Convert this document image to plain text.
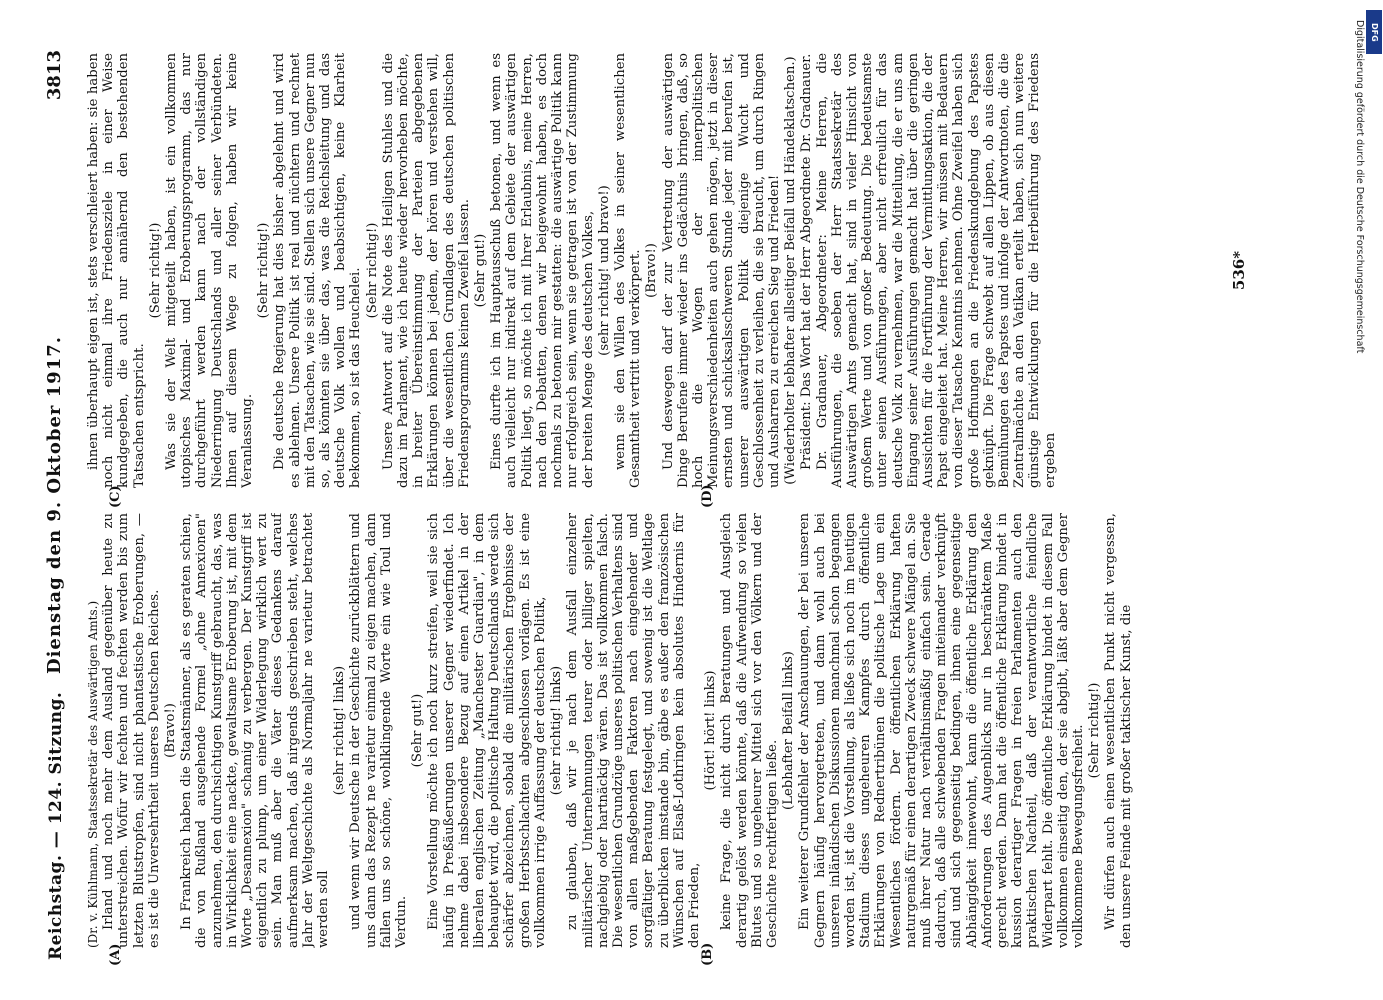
Reichstag. — 124. Sitzung.
Dienstag den 9. Oktober 1917.
3813
(A)	(B)
(C)	(D)

(Dr. v. Kühlmann, Staatssekretär des Auswärtigen Amts.) Irland und noch mehr dem Ausland gegenüber heute zu unterstreichen. Wofür wir fechten und fechten werden bis zum letzten Blutstropfen, sind nicht phantastische Eroberungen, — es ist die Unversehrtheit unseres Deutschen Reiches. (Bravo!) In Frankreich haben die Staatsmänner, als es geraten schien, die von Rußland ausgehende Formel „ohne Annexionen" anzunehmen, den durchsichtigen Kunstgriff gebraucht, das, was in Wirklichkeit eine nackte, gewaltsame Eroberung ist, mit dem Worte „Desannexion" schamig zu verbergen. Der Kunstgriff ist eigentlich zu plump, um einer Widerlegung wirklich wert zu sein. Man muß aber die Väter dieses Gedankens darauf aufmerksam machen, daß nirgends geschrieben steht, welches Jahr der Weltgeschichte als Normaljahr ne varietur betrachtet werden soll

(sehr richtig! links) und wenn wir Deutsche in der Geschichte zurückblättern und uns dann das Rezept ne varietur einmal zu eigen machen, dann fallen uns so schöne, wohlklingende Worte ein wie Toul und Verdun.

(Sehr gut!) Eine Vorstellung möchte ich noch kurz streifen, weil sie sich häufig in Preßäußerungen unserer Gegner wiederfindet. Ich nehme dabei insbesondere Bezug auf einen Artikel in der liberalen englischen Zeitung „Manchester Guardian", in dem behauptet wird, die politische Haltung Deutschlands werde sich schärfer abzeichnen, sobald die militärischen Ergebnisse der großen Herbstschlachten abgeschlossen vorlägen. Es ist eine vollkommen irrige Auffassung der deutschen Politik, (sehr richtig! links) zu glauben, daß wir je nach dem Ausfall einzelner militärischer Unternehmungen teurer oder billiger spielten, nachgiebig oder hartnäckig wären. Das ist vollkommen falsch. Die wesentlichen Grundzüge unseres politischen Verhaltens sind von allen maßgebenden Faktoren nach eingehender und sorgfältiger Beratung festgelegt, und sowenig ist die Weltlage zu überblicken imstande bin, gäbe es außer den französischen Wünschen auf Elsaß-Lothringen kein absolutes Hindernis für den Frieden,

(Hört! hört! links) keine Frage, die nicht durch Beratungen und Ausgleich derartig gelöst werden könnte, daß die Aufwendung so vielen Blutes und so ungeheurer Mittel sich vor den Völkern und der Geschichte rechtfertigen ließe.

(Lebhafter Beifall links) Ein weiterer Grundfehler der Anschauungen, der bei unseren Gegnern häufig hervorgetreten, und dann wohl auch bei unseren inländischen Diskussionen manchmal schon begangen worden ist, ist die Vorstellung, als ließe sich noch im heutigen Stadium dieses ungeheuren Kampfes durch öffentliche Erklärungen von Rednertribünen die politische Lage um ein Wesentliches fördern. Der öffentlichen Erklärung haften naturgemäß für einen derartigen Zweck schwere Mängel an. Sie muß ihrer Natur nach verhältnismäßig einfach sein. Gerade dadurch, daß alle schwebenden Fragen miteinander verknüpft sind und sich gegenseitig bedingen, ihnen eine gegenseitige Abhängigkeit innewohnt, kann die öffentliche Erklärung den Anforderungen des Augenblicks nur in beschränktem Maße gerecht werden. Dann hat die öffentliche Erklärung bindet in kussion derartiger Fragen in freien Parlamenten auch den praktischen Nachteil, daß der verantwortliche feindliche Widerpart fehlt. Die öffentliche Erklärung bindet in diesem Fall vollkommen einseitig den, der sie abgibt, läßt aber dem Gegner vollkommene Bewegungsfreiheit. (Sehr richtig!) Wir dürfen auch einen wesentlichen Punkt nicht vergessen, den unsere Feinde mit großer taktischer Kunst, die

ihnen überhaupt eigen ist, stets verschleiert haben: sie haben noch nicht einmal ihre Friedensziele in einer Weise kundgegeben, die auch nur annähernd den bestehenden Tatsachen entspricht.

(Sehr richtig!) Was sie der Welt mitgeteilt haben, ist ein vollkommen utopisches Maximal- und Eroberungsprogramm, das nur durchgeführt werden kann nach der vollständigen Niederringung Deutschlands und aller seiner Verbündeten. Ihnen auf diesem Wege zu folgen, haben wir keine Veranlassung.

(Sehr richtig!) Die deutsche Regierung hat dies bisher abgelehnt und wird es ablehnen. Unsere Politik ist real und nüchtern und rechnet mit den Tatsachen, wie sie sind. Stellen sich unsere Gegner nun so, als könnten sie über das, was die Reichsleitung und das deutsche Volk wollen und beabsichtigen, keine Klarheit bekommen, so ist das Heuchelei. (Sehr richtig!) Unsere Antwort auf die Note des Heiligen Stuhles und die dazu im Parlament, wie ich heute wieder hervorheben möchte, in breiter Übereinstimmung der Parteien abgegebenen Erklärungen können bei jedem, der hören und verstehen will, über die wesentlichen Grundlagen des deutschen politischen Friedensprogramms keinen Zweifel lassen. (Sehr gut!) Eines durfte ich im Hauptausschuß betonen, und wenn es auch vielleicht nur indirekt auf dem Gebiete der auswärtigen Politik liegt, so möchte ich mit Ihrer Erlaubnis, meine Herren, nach den Debatten, denen wir beigewohnt haben, es doch nochmals zu betonen mir gestatten: die auswärtige Politik kann nur erfolgreich sein, wenn sie getragen ist von der Zustimmung der breiten Menge des deutschen Volkes, (sehr richtig! und bravo!) wenn sie den Willen des Volkes in seiner wesentlichen Gesamtheit vertritt und verkörpert. (Bravo!) Und deswegen darf der zur Vertretung der auswärtigen Dinge Berufene immer wieder ins Gedächtnis bringen, daß, so hoch die Wogen der innerpolitischen Meinungsverschiedenheiten auch gehen mögen, jetzt in dieser ernsten und schicksalsschweren Stunde jeder mit berufen ist, unserer auswärtigen Politik diejenige Wucht und Geschlossenheit zu verleihen, die sie braucht, um durch Ringen und Ausharren zu erreichen Sieg und Frieden! (Wiederholter lebhafter allseitiger Beifall und Händeklatschen.) Präsident: Das Wort hat der Herr Abgeordnete Dr. Gradnauer. Dr. Gradnauer, Abgeordneter: Meine Herren, die Ausführungen, die soeben der Herr Staatssekretär des Auswärtigen Amts gemacht hat, sind in vieler Hinsicht von großem Werte und von großer Bedeutung. Die bedeutsamste unter seinen Ausführungen, aber nicht erfreulich für das deutsche Volk zu vernehmen, war die Mitteilung, die er uns am Eingang seiner Ausführungen gemacht hat über die geringen Aussichten für die Fortführung der Vermittlungsaktion, die der Papst eingeleitet hat. Meine Herren, wir müssen mit Bedauern von dieser Tatsache Kenntnis nehmen. Ohne Zweifel haben sich große Hoffnungen an die Friedenskundgebung des Papstes geknüpft. Die Frage schwebt auf allen Lippen, ob aus diesen Bemühungen des Papstes und infolge der Antwortnoten, die die Zentralmächte an den Vatikan erteilt haben, sich nun weitere günstige Entwicklungen für die Herbeiführung des Friedens ergeben

536*
DFG
Digitalisierung gefördert durch die Deutsche Forschungsgemeinschaft
